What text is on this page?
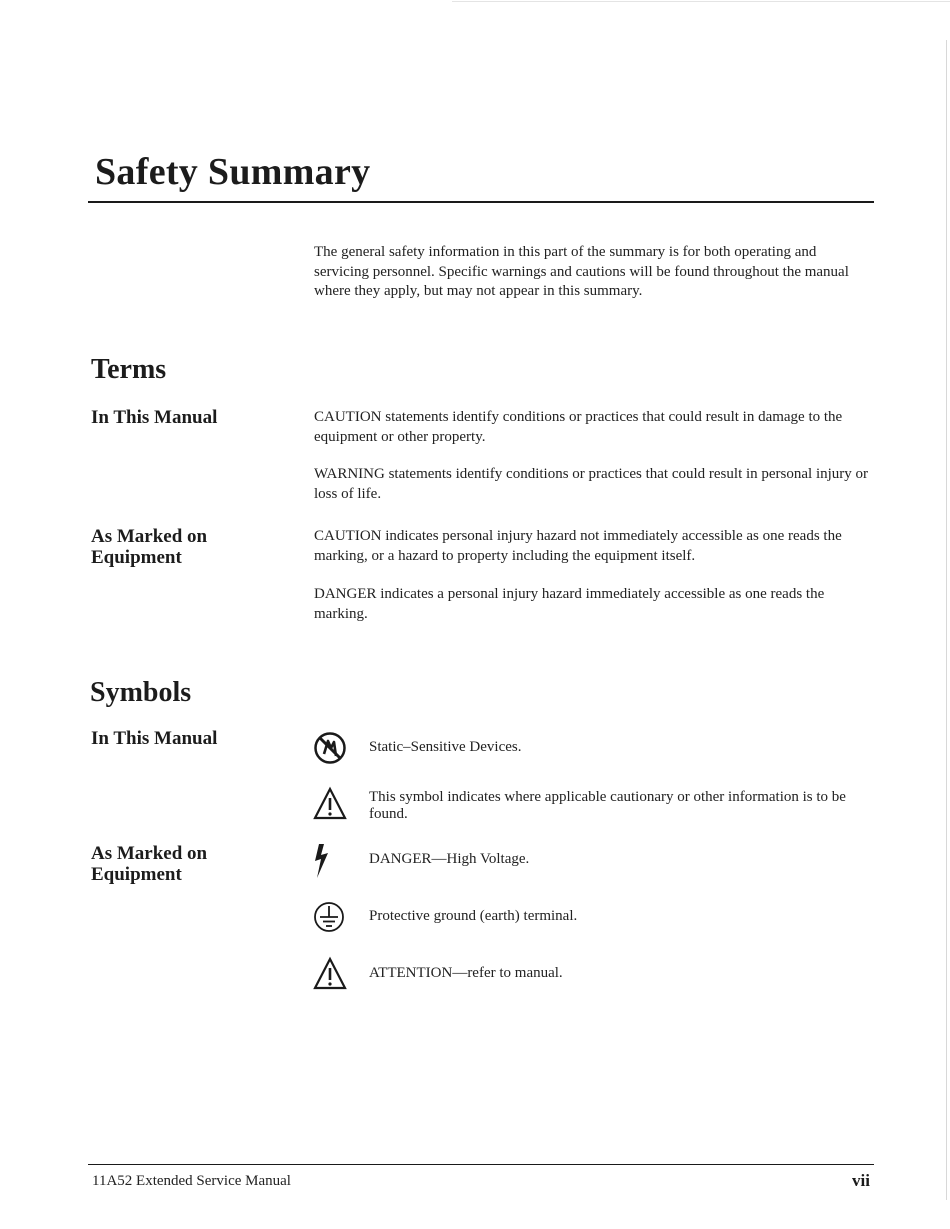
Safety Summary
The general safety information in this part of the summary is for both operating and servicing personnel. Specific warnings and cautions will be found throughout the manual where they apply, but may not appear in this summary.
Terms
In This Manual	CAUTION statements identify conditions or practices that could result in damage to the equipment or other property.
WARNING statements identify conditions or practices that could result in personal injury or loss of life.
As Marked on
Equipment
CAUTION indicates personal injury hazard not immediately accessible as one reads the marking, or a hazard to property including the equipment itself.
DANGER indicates a personal injury hazard immediately accessible as one reads the marking.
Symbols
In This Manual
As Marked on
Equipment
Static–Sensitive Devices.
This symbol indicates where applicable cautionary or other information is to be found.
DANGER—High Voltage.
Protective ground (earth) terminal.
ATTENTION—refer to manual.
11A52 Extended Service Manual	vii
